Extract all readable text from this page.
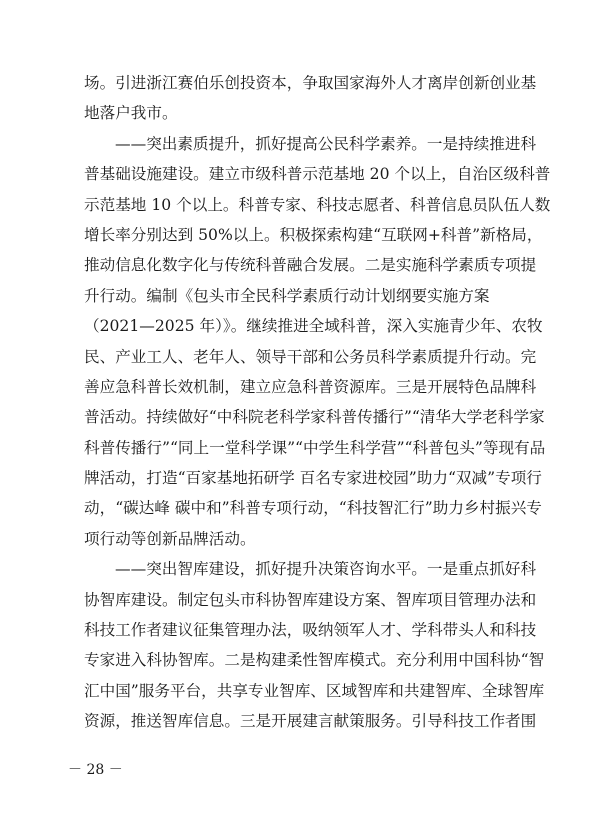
场。引进浙江赛伯乐创投资本，争取国家海外人才离岸创新创业基
地落户我市。
——突出素质提升，抓好提高公民科学素养。一是持续推进科
普基础设施建设。建立市级科普示范基地 20 个以上，自治区级科普
示范基地 10 个以上。科普专家、科技志愿者、科普信息员队伍人数
增长率分别达到 50%以上。积极探索构建“互联网+科普”新格局，
推动信息化数字化与传统科普融合发展。二是实施科学素质专项提
升行动。编制《包头市全民科学素质行动计划纲要实施方案
（2021—2025 年）》。继续推进全域科普，深入实施青少年、农牧
民、产业工人、老年人、领导干部和公务员科学素质提升行动。完
善应急科普长效机制，建立应急科普资源库。三是开展特色品牌科
普活动。持续做好“中科院老科学家科普传播行”“清华大学老科学家
科普传播行”“同上一堂科学课”“中学生科学营”“科普包头”等现有品
牌活动，打造“百家基地拓研学 百名专家进校园”助力“双减”专项行
动，“碳达峰 碳中和”科普专项行动，“科技智汇行”助力乡村振兴专
项行动等创新品牌活动。
——突出智库建设，抓好提升决策咨询水平。一是重点抓好科
协智库建设。制定包头市科协智库建设方案、智库项目管理办法和
科技工作者建议征集管理办法，吸纳领军人才、学科带头人和科技
专家进入科协智库。二是构建柔性智库模式。充分利用中国科协“智
汇中国”服务平台，共享专业智库、区域智库和共建智库、全球智库
资源，推送智库信息。三是开展建言献策服务。引导科技工作者围
－ 28 －
